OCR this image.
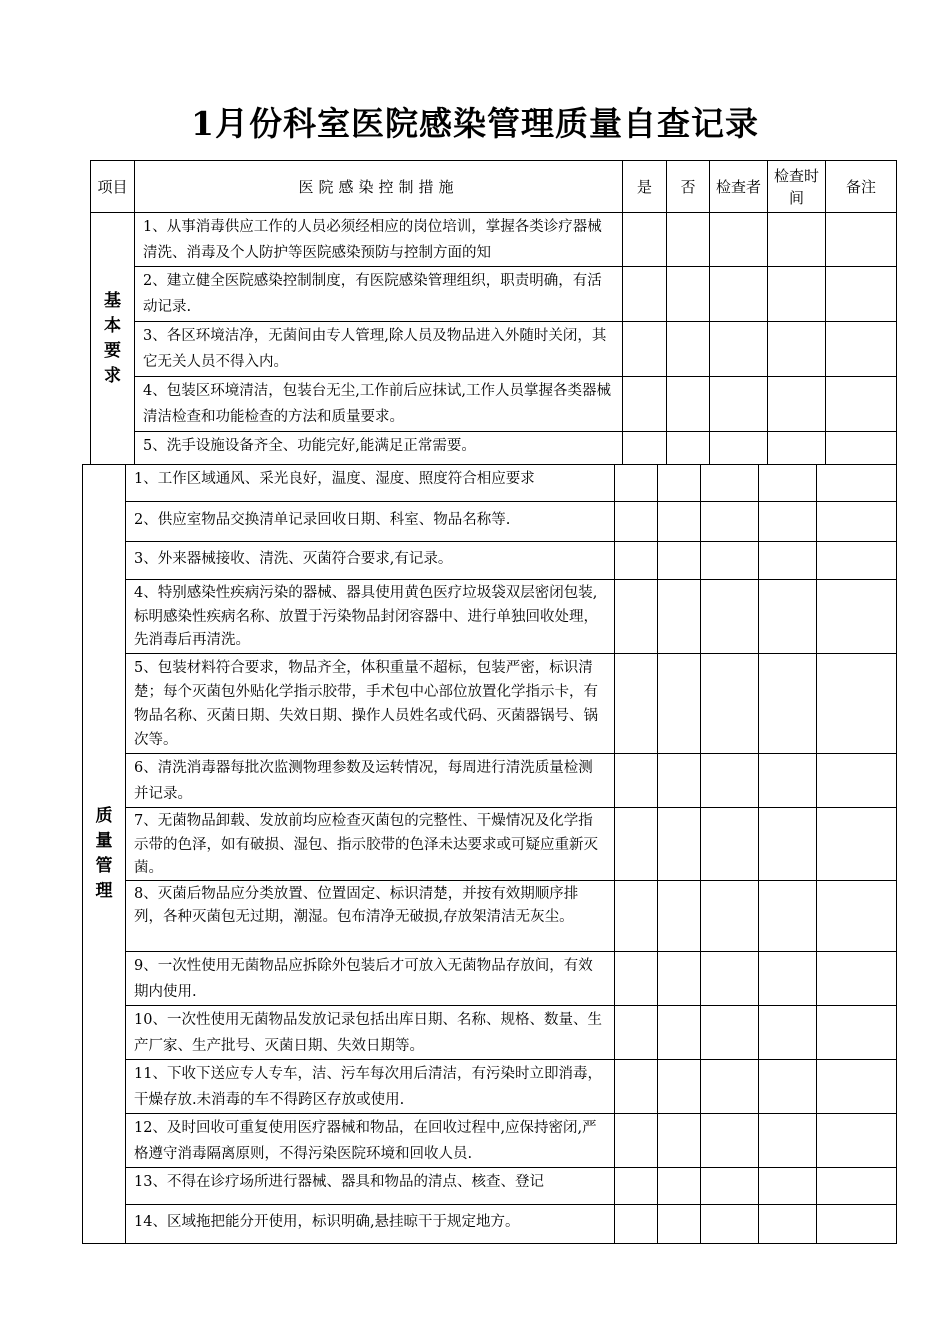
1月份科室医院感染管理质量自查记录
项目	医院感染控制措施	是	否	检查者	检查时间	备注
基本要求	1、从事消毒供应工作的人员必须经相应的岗位培训，掌握各类诊疗器械清洗、消毒及个人防护等医院感染预防与控制方面的知					

	2、建立健全医院感染控制制度，有医院感染管理组织，职责明确，有活动记录.					

	3、各区环境洁净，无菌间由专人管理,除人员及物品进入外随时关闭，其它无关人员不得入内。					

	4、包装区环境清洁，包装台无尘,工作前后应抹试,工作人员掌握各类器械清洁检查和功能检查的方法和质量要求。					

	5、洗手设施设备齐全、功能完好,能满足正常需要。					

质量管理	1、工作区域通风、采光良好，温度、湿度、照度符合相应要求					

	2、供应室物品交换清单记录回收日期、科室、物品名称等.					

	3、外来器械接收、清洗、灭菌符合要求,有记录。					

	4、特别感染性疾病污染的器械、器具使用黄色医疗垃圾袋双层密闭包装,标明感染性疾病名称、放置于污染物品封闭容器中、进行单独回收处理，先消毒后再清洗。					

	5、包装材料符合要求，物品齐全，体积重量不超标，包装严密，标识清楚；每个灭菌包外贴化学指示胶带，手术包中心部位放置化学指示卡，有物品名称、灭菌日期、失效日期、操作人员姓名或代码、灭菌器锅号、锅次等。					

	6、清洗消毒器每批次监测物理参数及运转情况，每周进行清洗质量检测并记录。					

	7、无菌物品卸载、发放前均应检查灭菌包的完整性、干燥情况及化学指示带的色泽，如有破损、湿包、指示胶带的色泽未达要求或可疑应重新灭菌。					

	8、灭菌后物品应分类放置、位置固定、标识清楚，并按有效期顺序排列，各种灭菌包无过期，潮湿。包布清净无破损,存放架清洁无灰尘。					

	9、一次性使用无菌物品应拆除外包装后才可放入无菌物品存放间，有效期内使用.					

	10、一次性使用无菌物品发放记录包括出库日期、名称、规格、数量、生产厂家、生产批号、灭菌日期、失效日期等。					

	11、下收下送应专人专车，洁、污车每次用后清洁，有污染时立即消毒，干燥存放.未消毒的车不得跨区存放或使用.					

	12、及时回收可重复使用医疗器械和物品，在回收过程中,应保持密闭,严格遵守消毒隔离原则，不得污染医院环境和回收人员.					

	13、不得在诊疗场所进行器械、器具和物品的清点、核查、登记					

	14、区域拖把能分开使用，标识明确,悬挂晾干于规定地方。					
